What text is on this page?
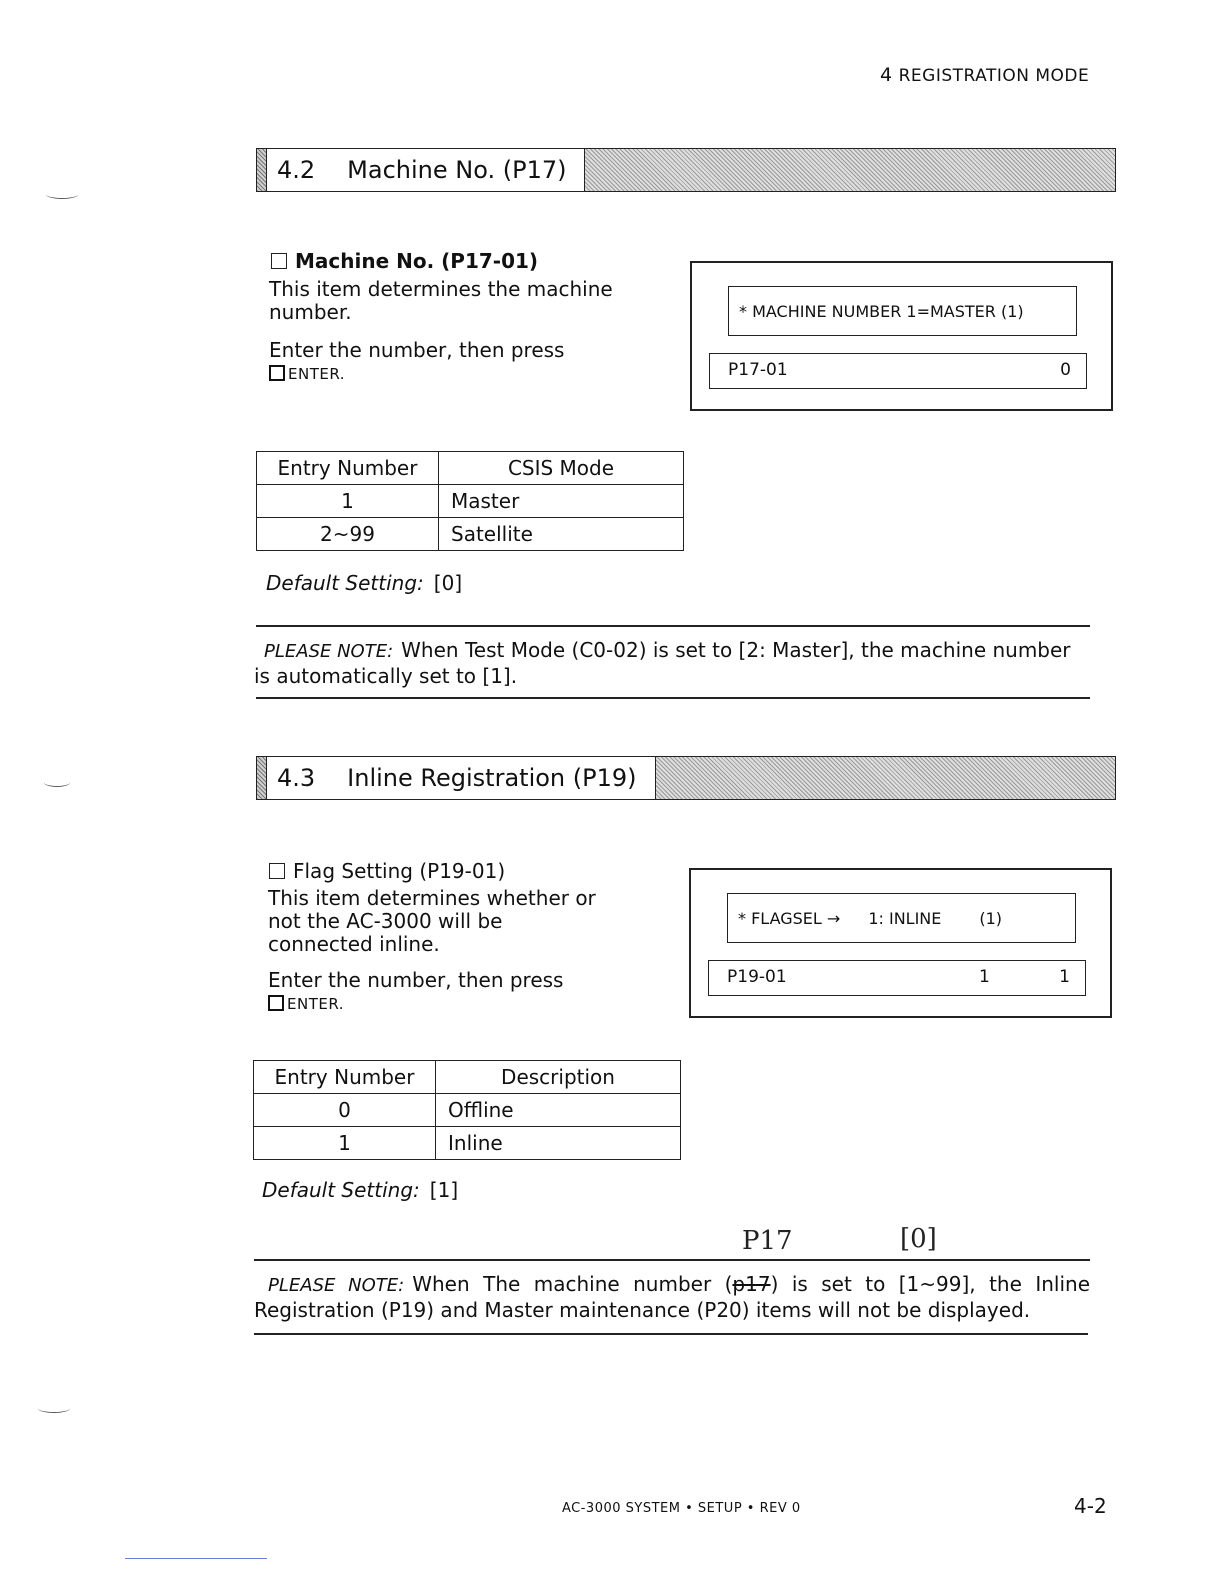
4 REGISTRATION MODE
4.2 Machine No. (P17)
Machine No. (P17-01)
This item determines the machine number.
Enter the number, then press
ENTER.
* MACHINE NUMBER 1=MASTER (1)
P17-01	0
Entry Number	CSIS Mode
1	Master
2~99	Satellite
Default Setting: [0]
PLEASE NOTE: When Test Mode (C0-02) is set to [2: Master], the machine number is automatically set to [1].
4.3 Inline Registration (P19)
Flag Setting (P19-01)
This item determines whether or not the AC-3000 will be connected inline.
Enter the number, then press
ENTER.
* FLAGSEL → 1: INLINE (1)
P19-01	1	1
Entry Number	Description
0	Offline
1	Inline
Default Setting: [1]
P17	[0]
PLEASE NOTE: When The machine number (p17) is set to [1~99], the Inline Registration (P19) and Master maintenance (P20) items will not be displayed.
AC-3000 SYSTEM • SETUP • REV 0	4-2
